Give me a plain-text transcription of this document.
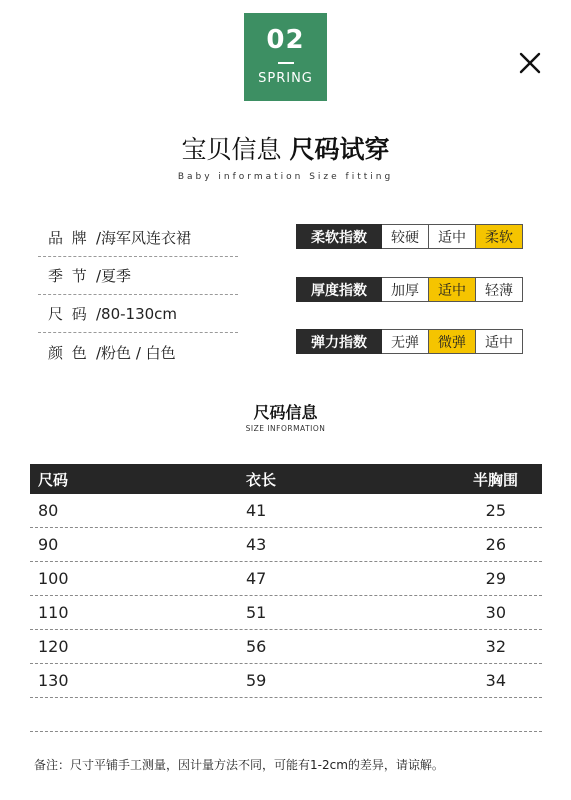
02
SPRING
宝贝信息 尺码试穿
Baby information Size fitting
品 牌 /海军风连衣裙
季 节 /夏季
尺 码 /80-130cm
颜 色 /粉色 / 白色
柔软指数	较硬	适中	柔软
厚度指数	加厚	适中	轻薄
弹力指数	无弹	微弹	适中
尺码信息
SIZE INFORMATION
尺码	衣长	半胸围
80	41	25
90	43	26
100	47	29
110	51	30
120	56	32
130	59	34
备注：尺寸平铺手工测量，因计量方法不同，可能有1-2cm的差异，请谅解。
